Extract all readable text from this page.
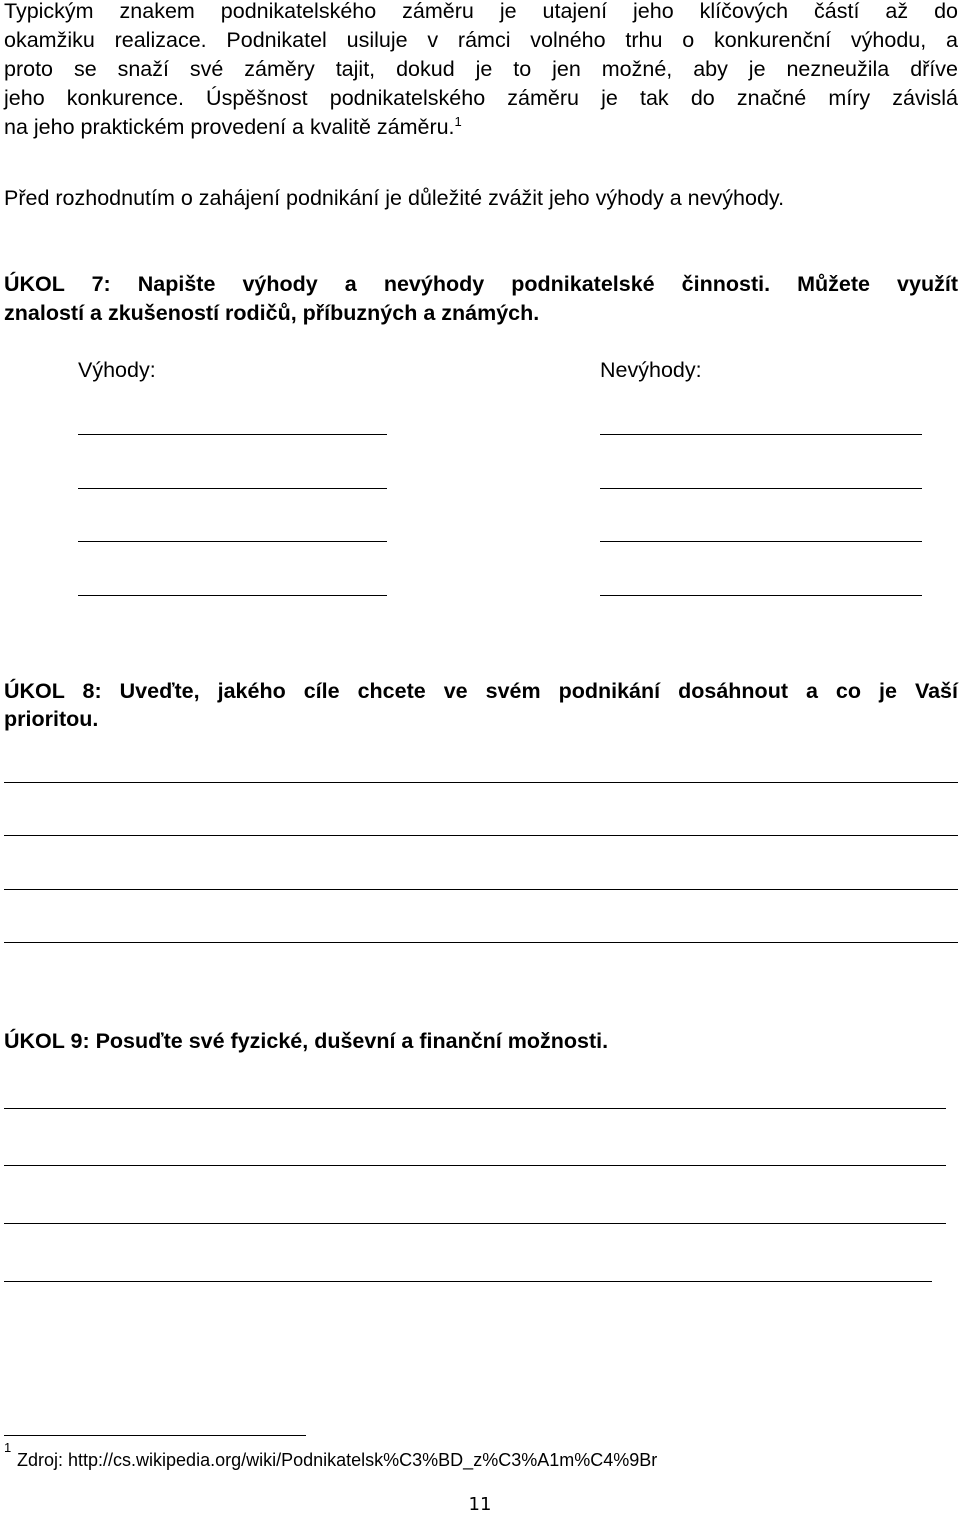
Typickým znakem podnikatelského záměru je utajení jeho klíčových částí až do

okamžiku realizace. Podnikatel usiluje v rámci volného trhu o konkurenční výhodu, a

proto se snaží své záměry tajit, dokud je to jen možné, aby je nezneužila dříve

jeho konkurence. Úspěšnost podnikatelského záměru je tak do značné míry závislá

na jeho praktickém provedení a kvalitě záměru.$^1$

Před rozhodnutím o zahájení podnikání je důležité zvážit jeho výhody a nevýhody.

ÚKOL 7: Napište výhody a nevýhody podnikatelské činnosti. Můžete využít

znalostí a zkušeností rodičů, příbuzných a známých.

Výhody:	Nevýhody:

ÚKOL 8: Uveďte, jakého cíle chcete ve svém podnikání dosáhnout a co je Vaší

prioritou.

ÚKOL 9: Posuďte své fyzické, duševní a finanční možnosti.

1
Zdroj: http://cs.wikipedia.org/wiki/Podnikatelsk%C3%BD_z%C3%A1m%C4%9Br
11
